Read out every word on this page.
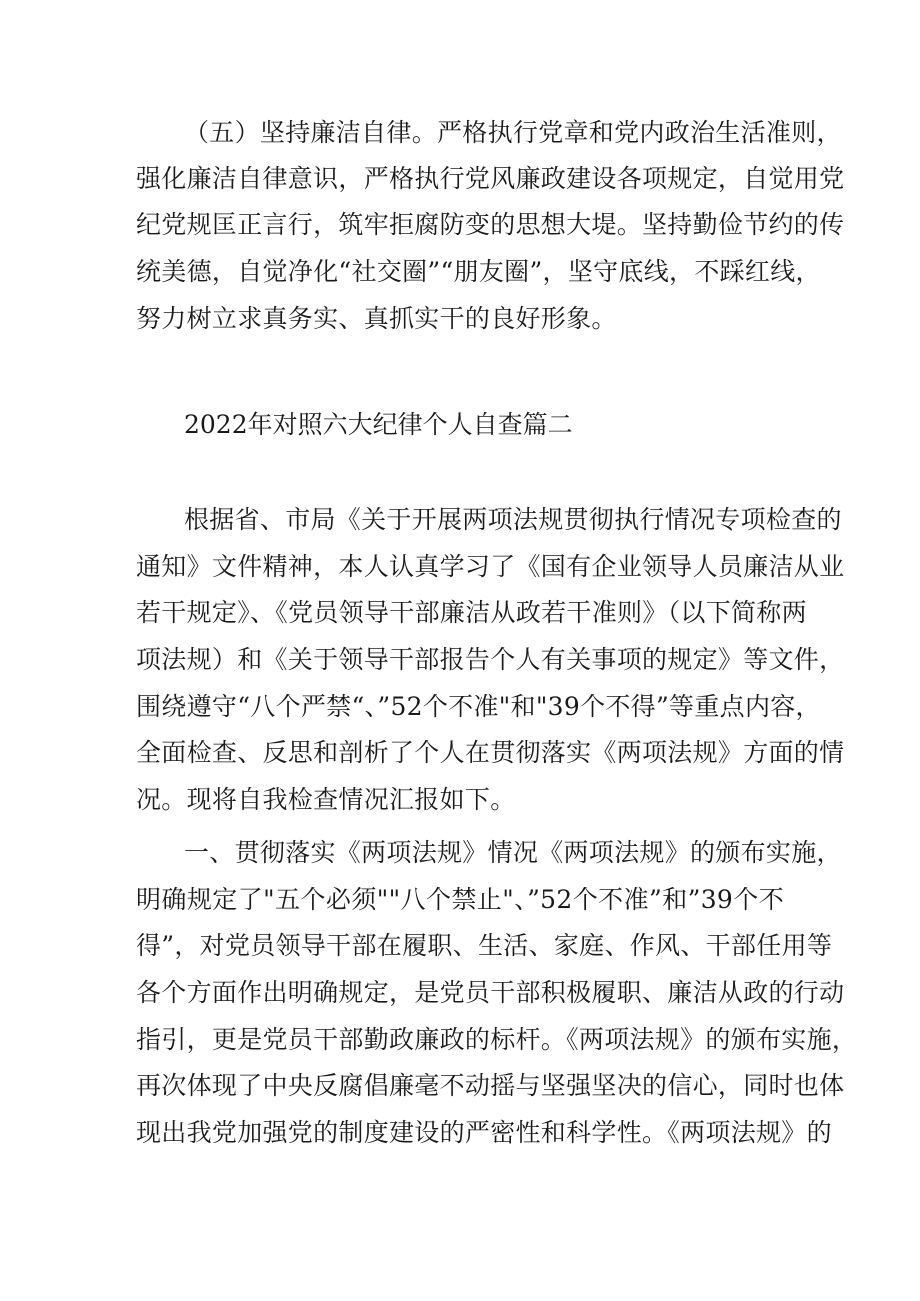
（五）坚持廉洁自律。严格执行党章和党内政治生活准则，
强化廉洁自律意识，严格执行党风廉政建设各项规定，自觉用党
纪党规匡正言行，筑牢拒腐防变的思想大堤。坚持勤俭节约的传
统美德，自觉净化“社交圈”“朋友圈”，坚守底线，不踩红线，
努力树立求真务实、真抓实干的良好形象。
2022年对照六大纪律个人自查篇二
根据省、市局《关于开展两项法规贯彻执行情况专项检查的
通知》文件精神，本人认真学习了《国有企业领导人员廉洁从业
若干规定》、《党员领导干部廉洁从政若干准则》（以下简称两
项法规）和《关于领导干部报告个人有关事项的规定》等文件，
围绕遵守“八个严禁“、”52个不准"和"39个不得”等重点内容，
全面检查、反思和剖析了个人在贯彻落实《两项法规》方面的情
况。现将自我检查情况汇报如下。
一、贯彻落实《两项法规》情况《两项法规》的颁布实施，
明确规定了"五个必须""八个禁止"、”52个不准”和”39个不
得”，对党员领导干部在履职、生活、家庭、作风、干部任用等
各个方面作出明确规定，是党员干部积极履职、廉洁从政的行动
指引，更是党员干部勤政廉政的标杆。《两项法规》的颁布实施，
再次体现了中央反腐倡廉毫不动摇与坚强坚决的信心，同时也体
现出我党加强党的制度建设的严密性和科学性。《两项法规》的
